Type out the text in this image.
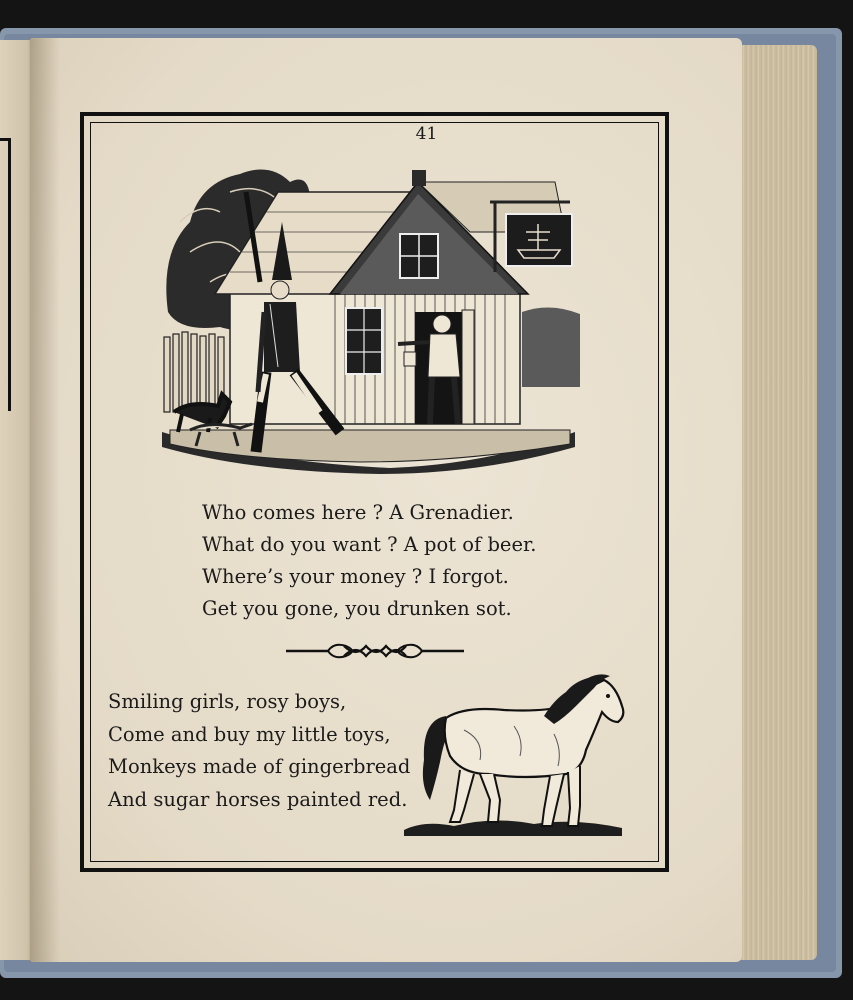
41
Who comes here ? A Grenadier.
What do you want ? A pot of beer.
Where’s your money ? I forgot.
Get you gone, you drunken sot.
Smiling girls, rosy boys,
Come and buy my little toys,
Monkeys made of gingerbread
And sugar horses painted red.
